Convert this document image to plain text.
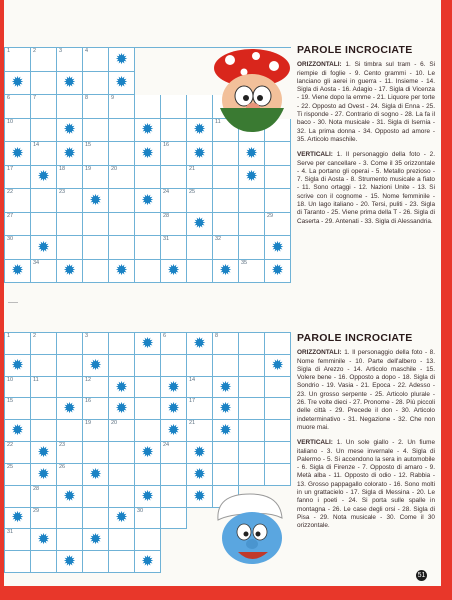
1	2	3	4 ✹
✹	✹	✹
6	7	8	9
10	✹	✹	✹ 11
✹ 14 ✹ 15	✹ 16 ✹	✹
17 ✹ 18	19	20	21	✹
22	23 ✹	✹ 24	25
27	28 ✹	29
30 ✹	31	32	✹
✹ 34 ✹	✹	✹	✹ 35 ✹
PAROLE INCROCIATE

ORIZZONTALI: 1. Si timbra sul tram - 6. Si riempie di foglie - 9. Cento grammi - 10. Le lanciano gli aerei in guerra - 11. Insieme - 14. Sigla di Aosta - 16. Adagio - 17. Sigla di Vicenza - 19. Viene dopo la emme - 21. Liquore per torte - 22. Opposto ad Ovest - 24. Sigla di Enna - 25. Ti risponde - 27. Contrario di sogno - 28. La fa il baco - 30. Nota musicale - 31. Sigla di Isernia - 32. La prima donna - 34. Opposto ad amore - 35. Articolo maschile.

VERTICALI: 1. Il personaggio della foto - 2. Serve per cancellare - 3. Come il 35 orizzontale - 4. La portano gli operai - 5. Metallo prezioso - 7. Sigla di Aosta - 8. Strumento musicale a fiato - 11. Sono ortaggi - 12. Nazioni Unite - 13. Si scrive con il cognome - 15. Nome femminile - 18. Un lago italiano - 20. Tersi, puliti - 23. Sigla di Taranto - 25. Viene prima della T - 26. Sigla di Caserta - 29. Antenati - 33. Sigla di Alessandria.

1	2	3	✹ 6 ✹ 8
✹	✹	✹
10	11	12 ✹	✹ 14 ✹
15	✹ 16 ✹	✹ 17 ✹
✹	19	20	✹ 21 ✹
22 ✹ 23	✹ 24 ✹
25 ✹ 26 ✹	✹
28 ✹	✹	✹
✹ 29	✹ 30
31 ✹	✹
✹	✹
PAROLE INCROCIATE

ORIZZONTALI: 1. Il personaggio della foto - 8. Nome femminile - 10. Parte dell'albero - 13. Sigla di Arezzo - 14. Articolo maschile - 15. Volere bene - 16. Opposto a dopo - 18. Sigla di Sondrio - 19. Vasia - 21. Epoca - 22. Adesso - 23. Un grosso serpente - 25. Articolo plurale - 26. Tre volte dieci - 27. Pronome - 28. Più piccoli delle città - 29. Precede il don - 30. Articolo indeterminativo - 31. Negazione - 32. Che non muore mai.

VERTICALI: 1. Un sole giallo - 2. Un fiume italiano - 3. Un mese invernale - 4. Sigla di Palermo - 5. Si accendono la sera in automobile - 6. Sigla di Firenze - 7. Opposto di amaro - 9. Metà alba - 11. Opposto di odio - 12. Rabbia - 13. Grosso pappagallo colorato - 16. Sono molti in un grattacielo - 17. Sigla di Messina - 20. Le fanno i poeti - 24. Si porta sulle spalle in montagna - 26. Le case degli orsi - 28. Sigla di Pisa - 29. Nota musicale - 30. Come il 30 orizzontale.

51
